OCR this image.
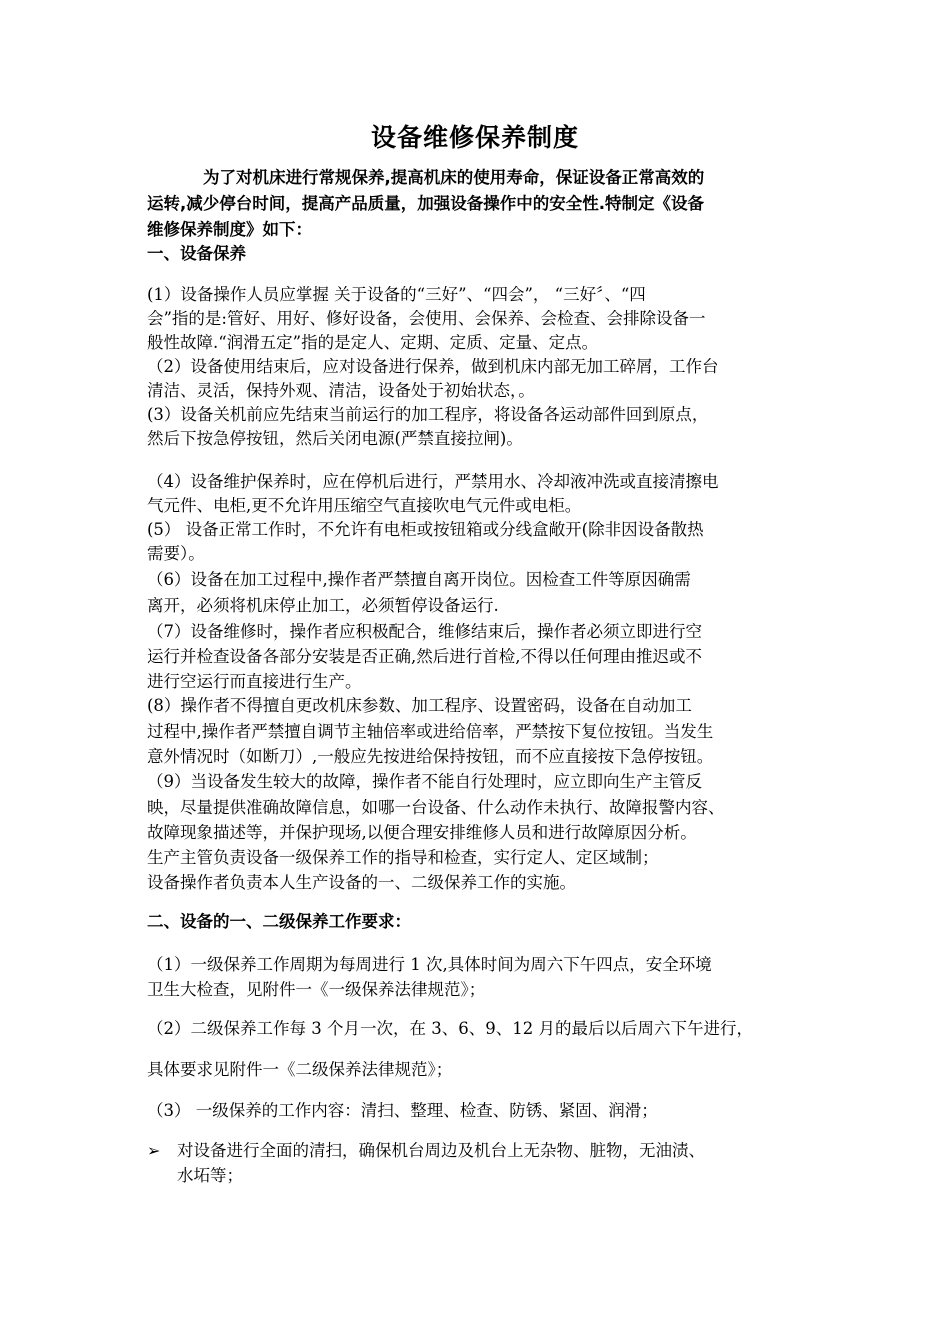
设备维修保养制度
为了对机床进行常规保养,提高机床的使用寿命，保证设备正常高效的
运转,减少停台时间，提高产品质量，加强设备操作中的安全性.特制定《设备
维修保养制度》如下：
一、设备保养
(1）设备操作人员应掌握 关于设备的“三好”、“四会”， “三好〞、“四
会”指的是:管好、用好、修好设备，会使用、会保养、会检查、会排除设备一
般性故障.“润滑五定”指的是定人、定期、定质、定量、定点。
（2）设备使用结束后，应对设备进行保养，做到机床内部无加工碎屑，工作台
清洁、灵活，保持外观、清洁，设备处于初始状态，。
(3）设备关机前应先结束当前运行的加工程序，将设备各运动部件回到原点，
然后下按急停按钮，然后关闭电源(严禁直接拉闸)。
（4）设备维护保养时，应在停机后进行，严禁用水、冷却液冲洗或直接清擦电
气元件、电柜,更不允许用压缩空气直接吹电气元件或电柜。
(5） 设备正常工作时，不允许有电柜或按钮箱或分线盒敞开(除非因设备散热
需要）。
（6）设备在加工过程中,操作者严禁擅自离开岗位。因检查工件等原因确需
离开，必须将机床停止加工，必须暂停设备运行.
（7）设备维修时，操作者应积极配合，维修结束后，操作者必须立即进行空
运行并检查设备各部分安装是否正确,然后进行首检,不得以任何理由推迟或不
进行空运行而直接进行生产。
(8）操作者不得擅自更改机床参数、加工程序、设置密码，设备在自动加工
过程中,操作者严禁擅自调节主轴倍率或进给倍率，严禁按下复位按钮。当发生
意外情况时（如断刀）,一般应先按进给保持按钮，而不应直接按下急停按钮。
（9）当设备发生较大的故障，操作者不能自行处理时，应立即向生产主管反
映，尽量提供准确故障信息，如哪一台设备、什么动作未执行、故障报警内容、
故障现象描述等，并保护现场,以便合理安排维修人员和进行故障原因分析。
生产主管负责设备一级保养工作的指导和检查，实行定人、定区域制；
设备操作者负责本人生产设备的一、二级保养工作的实施。
二、设备的一、二级保养工作要求：
（1）一级保养工作周期为每周进行 1 次,具体时间为周六下午四点，安全环境
卫生大检查，见附件一《一级保养法律规范》；
（2）二级保养工作每 3 个月一次，在 3、6、9、12 月的最后以后周六下午进行，
具体要求见附件一《二级保养法律规范》；
（3） 一级保养的工作内容：清扫、整理、检查、防锈、紧固、润滑；
➢ 对设备进行全面的清扫，确保机台周边及机台上无杂物、脏物，无油渍、
水坧等；
